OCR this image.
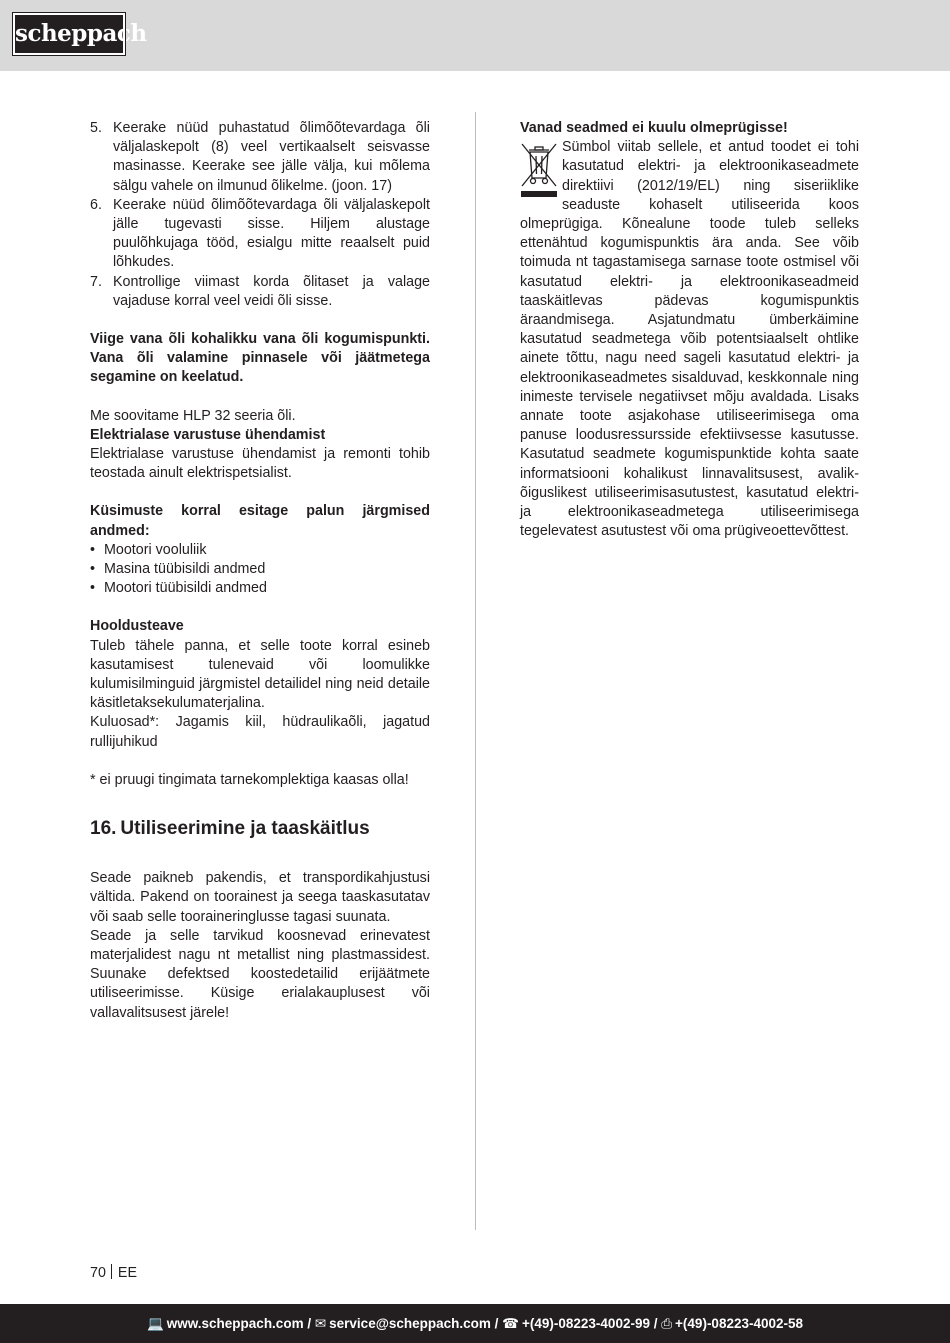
scheppach
5. Keerake nüüd puhastatud õlimõõtevardaga õli väljalaskepolt (8) veel vertikaalselt seisvasse masinasse. Keerake see jälle välja, kui mõlema sälgu vahele on ilmunud õlikelme. (joon. 17)
6. Keerake nüüd õlimõõtevardaga õli väljalaskepolt jälle tugevasti sisse. Hiljem alustage puulõhkujaga tööd, esialgu mitte reaalselt puid lõhkudes.
7. Kontrollige viimast korda õlitaset ja valage vajaduse korral veel veidi õli sisse.

Viige vana õli kohalikku vana õli kogumispunkti. Vana õli valamine pinnasele või jäätmetega segamine on keelatud.

Me soovitame HLP 32 seeria õli.

Elektrialase varustuse ühendamist

Elektrialase varustuse ühendamist ja remonti tohib teostada ainult elektrispetsialist.

Küsimuste korral esitage palun järgmised andmed:

• Mootori vooluliik
• Masina tüübisildi andmed
• Mootori tüübisildi andmed

Hooldusteave

Tuleb tähele panna, et selle toote korral esineb kasutamisest tulenevaid või loomulikke kulumisilminguid järgmistel detailidel ning neid detaile käsitletaksekulumaterjalina.

Kuluosad*: Jagamis kiil, hüdraulikaõli, jagatud rullijuhikud

* ei pruugi tingimata tarnekomplektiga kaasas olla!

16. Utiliseerimine ja taaskäitlus

Seade paikneb pakendis, et transpordikahjustusi vältida. Pakend on toorainest ja seega taaskasutatav või saab selle tooraineringlusse tagasi suunata.

Seade ja selle tarvikud koosnevad erinevatest materjalidest nagu nt metallist ning plastmassidest. Suunake defektsed koostedetailid erijäätmete utiliseerimisse. Küsige erialakauplusest või vallavalitsusest järele!

Vanad seadmed ei kuulu olmeprügisse!

Sümbol viitab sellele, et antud toodet ei tohi kasutatud elektri- ja elektroonikaseadmete direktiivi (2012/19/EL) ning siseriiklike seaduste kohaselt utiliseerida koos olmeprügiga. Kõnealune toode tuleb selleks ettenähtud kogumispunktis ära anda. See võib toimuda nt tagastamisega sarnase toote ostmisel või kasutatud elektri- ja elektroonikaseadmeid taaskäitlevas pädevas kogumispunktis äraandmisega. Asjatundmatu ümberkäimine kasutatud seadmetega võib potentsiaalselt ohtlike ainete tõttu, nagu need sageli kasutatud elektri- ja elektroonikaseadmetes sisalduvad, keskkonnale ning inimeste tervisele negatiivset mõju avaldada. Lisaks annate toote asjakohase utiliseerimisega oma panuse loodusressursside efektiivsesse kasutusse. Kasutatud seadmete kogumispunktide kohta saate informatsiooni kohalikust linnavalitsusest, avalik-õiguslikest utiliseerimisasutustest, kasutatud elektri- ja elektroonikaseadmetega utiliseerimisega tegelevatest asutustest või oma prügiveoettevõttest.

70 EE
💻 www.scheppach.com / ✉ service@scheppach.com / ☎ +(49)-08223-4002-99 / ⎙ +(49)-08223-4002-58
